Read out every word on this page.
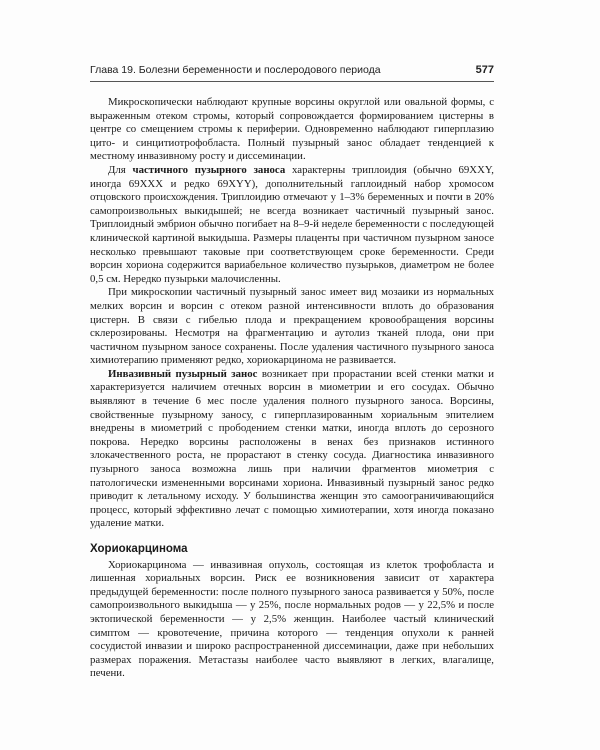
Глава 19. Болезни беременности и послеродового периода	577

Микроскопически наблюдают крупные ворсины округлой или овальной формы, с выраженным отеком стромы, который сопровождается формированием цистерны в центре со смещением стромы к периферии. Одновременно наблюдают гиперплазию цито- и синцитиотрофобласта. Полный пузырный занос обладает тенденцией к местному инвазивному росту и диссеминации.

Для частичного пузырного заноса характерны триплоидия (обычно 69XXY, иногда 69XXX и редко 69XYY), дополнительный гаплоидный набор хромосом отцовского происхождения. Триплоидию отмечают у 1–3% беременных и почти в 20% самопроизвольных выкидышей; не всегда возникает частичный пузырный занос. Триплоидный эмбрион обычно погибает на 8–9-й неделе беременности с последующей клинической картиной выкидыша. Размеры плаценты при частичном пузырном заносе несколько превышают таковые при соответствующем сроке беременности. Среди ворсин хориона содержится вариабельное количество пузырьков, диаметром не более 0,5 см. Нередко пузырьки малочисленны.

При микроскопии частичный пузырный занос имеет вид мозаики из нормальных мелких ворсин и ворсин с отеком разной интенсивности вплоть до образования цистерн. В связи с гибелью плода и прекращением кровообращения ворсины склерозированы. Несмотря на фрагментацию и аутолиз тканей плода, они при частичном пузырном заносе сохранены. После удаления частичного пузырного заноса химиотерапию применяют редко, хориокарцинома не развивается.

Инвазивный пузырный занос возникает при прорастании всей стенки матки и характеризуется наличием отечных ворсин в миометрии и его сосудах. Обычно выявляют в течение 6 мес после удаления полного пузырного заноса. Ворсины, свойственные пузырному заносу, с гиперплазированным хориальным эпителием внедрены в миометрий с прободением стенки матки, иногда вплоть до серозного покрова. Нередко ворсины расположены в венах без признаков истинного злокачественного роста, не прорастают в стенку сосуда. Диагностика инвазивного пузырного заноса возможна лишь при наличии фрагментов миометрия с патологически измененными ворсинами хориона. Инвазивный пузырный занос редко приводит к летальному исходу. У большинства женщин это самоограничивающийся процесс, который эффективно лечат с помощью химиотерапии, хотя иногда показано удаление матки.

Хориокарцинома

Хориокарцинома — инвазивная опухоль, состоящая из клеток трофобласта и лишенная хориальных ворсин. Риск ее возникновения зависит от характера предыдущей беременности: после полного пузырного заноса развивается у 50%, после самопроизвольного выкидыша — у 25%, после нормальных родов — у 22,5% и после эктопической беременности — у 2,5% женщин. Наиболее частый клинический симптом — кровотечение, причина которого — тенденция опухоли к ранней сосудистой инвазии и широко распространенной диссеминации, даже при небольших размерах поражения. Метастазы наиболее часто выявляют в легких, влагалище, печени.
